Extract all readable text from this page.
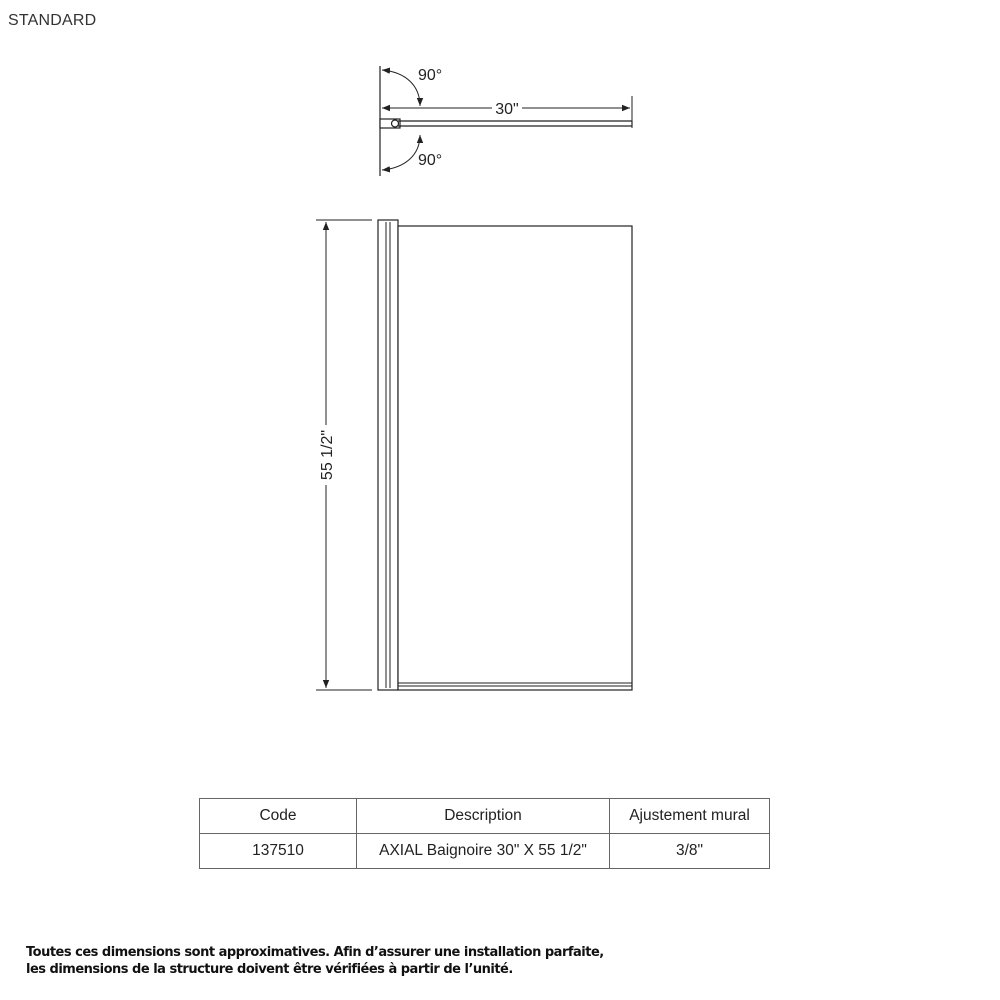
STANDARD
30"
90°
90°
55 1/2"
Code	Description	Ajustement mural
137510	AXIAL Baignoire 30" X 55 1/2"	3/8"
Toutes ces dimensions sont approximatives. Afin d’assurer une installation parfaite,
les dimensions de la structure doivent être vérifiées à partir de l’unité.
